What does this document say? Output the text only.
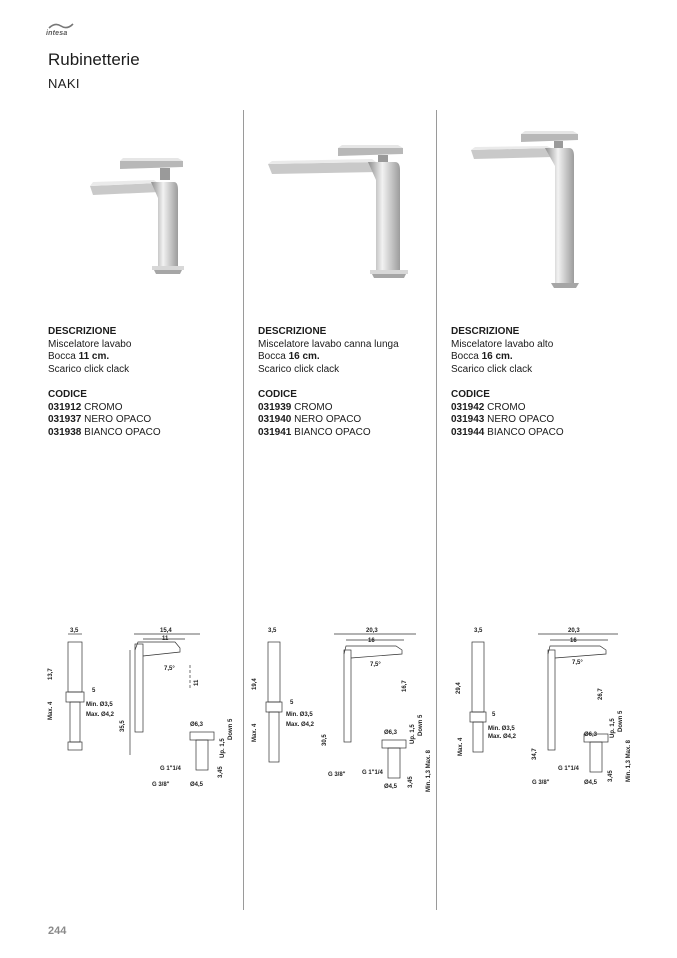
intesa
Rubinetterie
NAKI
DESCRIZIONE
Miscelatore lavabo
Bocca 11 cm.
Scarico click clack
CODICE
031912 CROMO
031937 NERO OPACO
031938 BIANCO OPACO
DESCRIZIONE
Miscelatore lavabo canna lunga
Bocca 16 cm.
Scarico click clack
CODICE
031939 CROMO
031940 NERO OPACO
031941 BIANCO OPACO
DESCRIZIONE
Miscelatore lavabo alto
Bocca 16 cm.
Scarico click clack
CODICE
031942 CROMO
031943 NERO OPACO
031944 BIANCO OPACO
3,5	15,4
11
7,5°
13,7
11
35,5
Max. 4
5
Min. Ø3,5
Max. Ø4,2
G 3/8"
G 1"1/4
Ø6,3
Ø4,5
Up. 1,5
Down 5
3,45
3,5	20,3
16
7,5°
19,4	16,7
30,5
Max. 4
5
Min. Ø3,5
Max. Ø4,2
G 3/8"	G 1"1/4
Ø6,3
Ø4,5
Up. 1,5 Down 5
3,45 Min. 1,3 Max. 8
3,5	20,3
16
7,5°
29,4
26,7
34,7
Max. 4
5
Min. Ø3,5
Max. Ø4,2
G 3/8"
G 1"1/4
Ø6,3
Ø4,5
Up. 1,5 Down 5
3,45 Min. 1,3 Max. 8
244
